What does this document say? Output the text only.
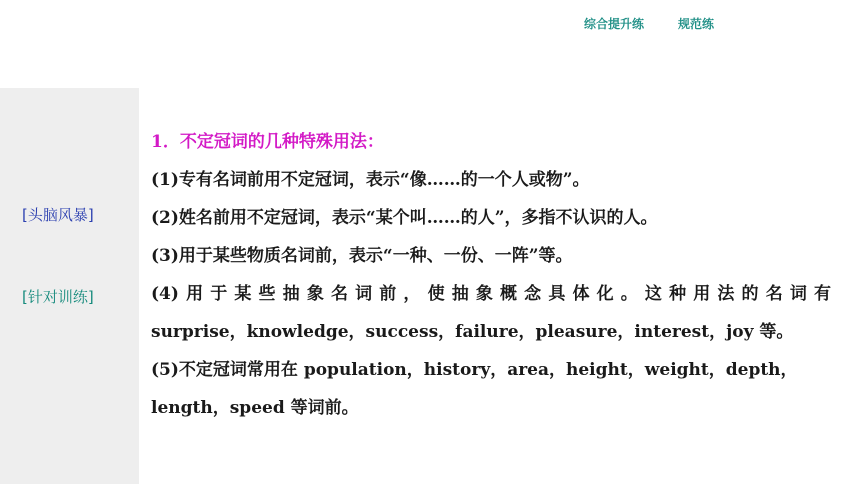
综合提升练	规范练
[头脑风暴]
[针对训练]

1．不定冠词的几种特殊用法：

(1)专有名词前用不定冠词，表示“像……的一个人或物”。

(2)姓名前用不定冠词，表示“某个叫……的人”，多指不认识的人。

(3)用于某些物质名词前，表示“一种、一份、一阵”等。

(4)用于某些抽象名词前，使抽象概念具体化。这种用法的名词有

surprise，knowledge，success，failure，pleasure，interest，joy 等。

(5)不定冠词常用在 population，history，area，height，weight，depth，

length，speed 等词前。
